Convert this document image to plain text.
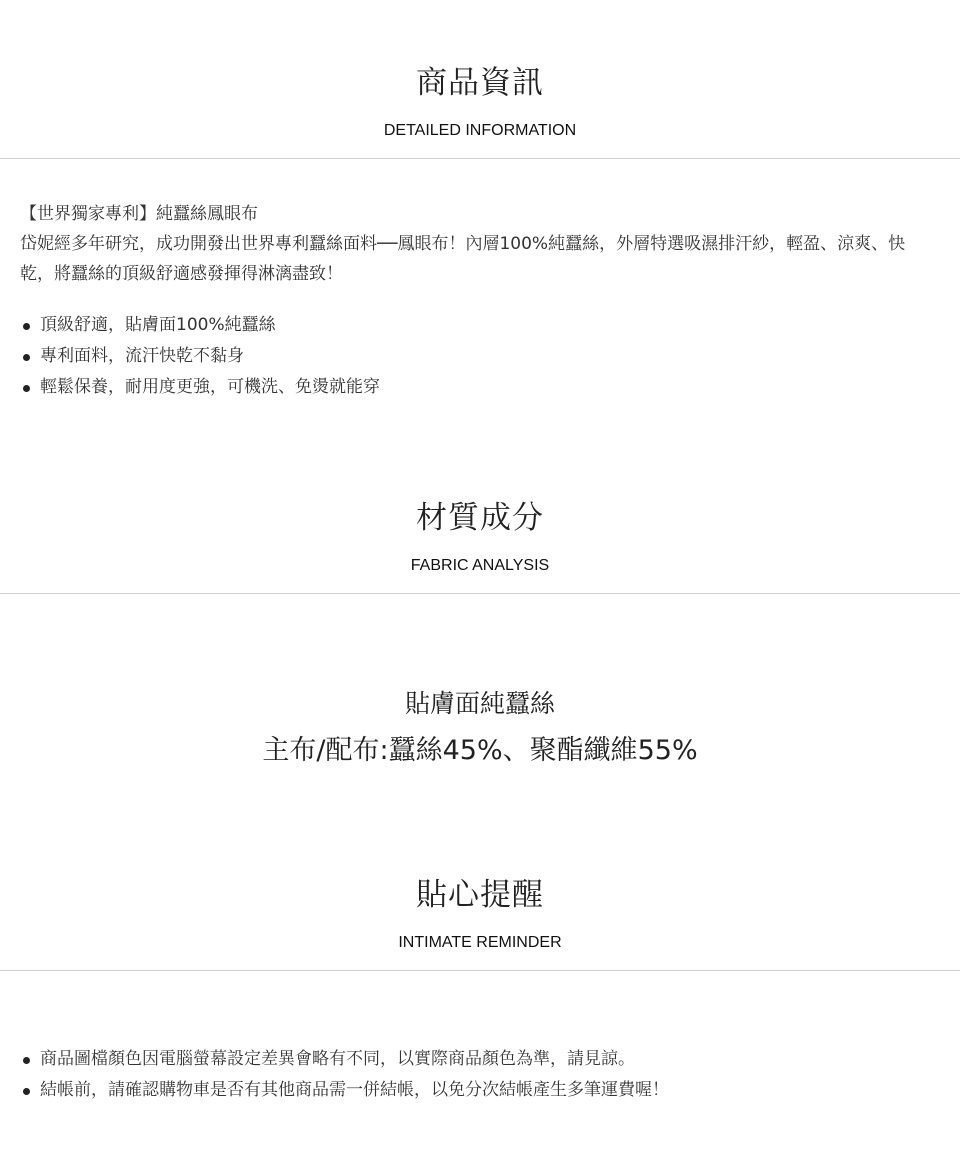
商品資訊
DETAILED INFORMATION

【世界獨家專利】純蠶絲鳳眼布

岱妮經多年研究，成功開發出世界專利蠶絲面料──鳳眼布！內層100%純蠶絲，外層特選吸濕排汗紗，輕盈、涼爽、快乾，將蠶絲的頂級舒適感發揮得淋漓盡致！

頂級舒適，貼膚面100%純蠶絲
專利面料，流汗快乾不黏身
輕鬆保養，耐用度更強，可機洗、免燙就能穿
材質成分
FABRIC ANALYSIS
貼膚面純蠶絲
主布/配布:蠶絲45%、聚酯纖維55%
貼心提醒
INTIMATE REMINDER
商品圖檔顏色因電腦螢幕設定差異會略有不同，以實際商品顏色為準，請見諒。
結帳前，請確認購物車是否有其他商品需一併結帳，以免分次結帳產生多筆運費喔！
